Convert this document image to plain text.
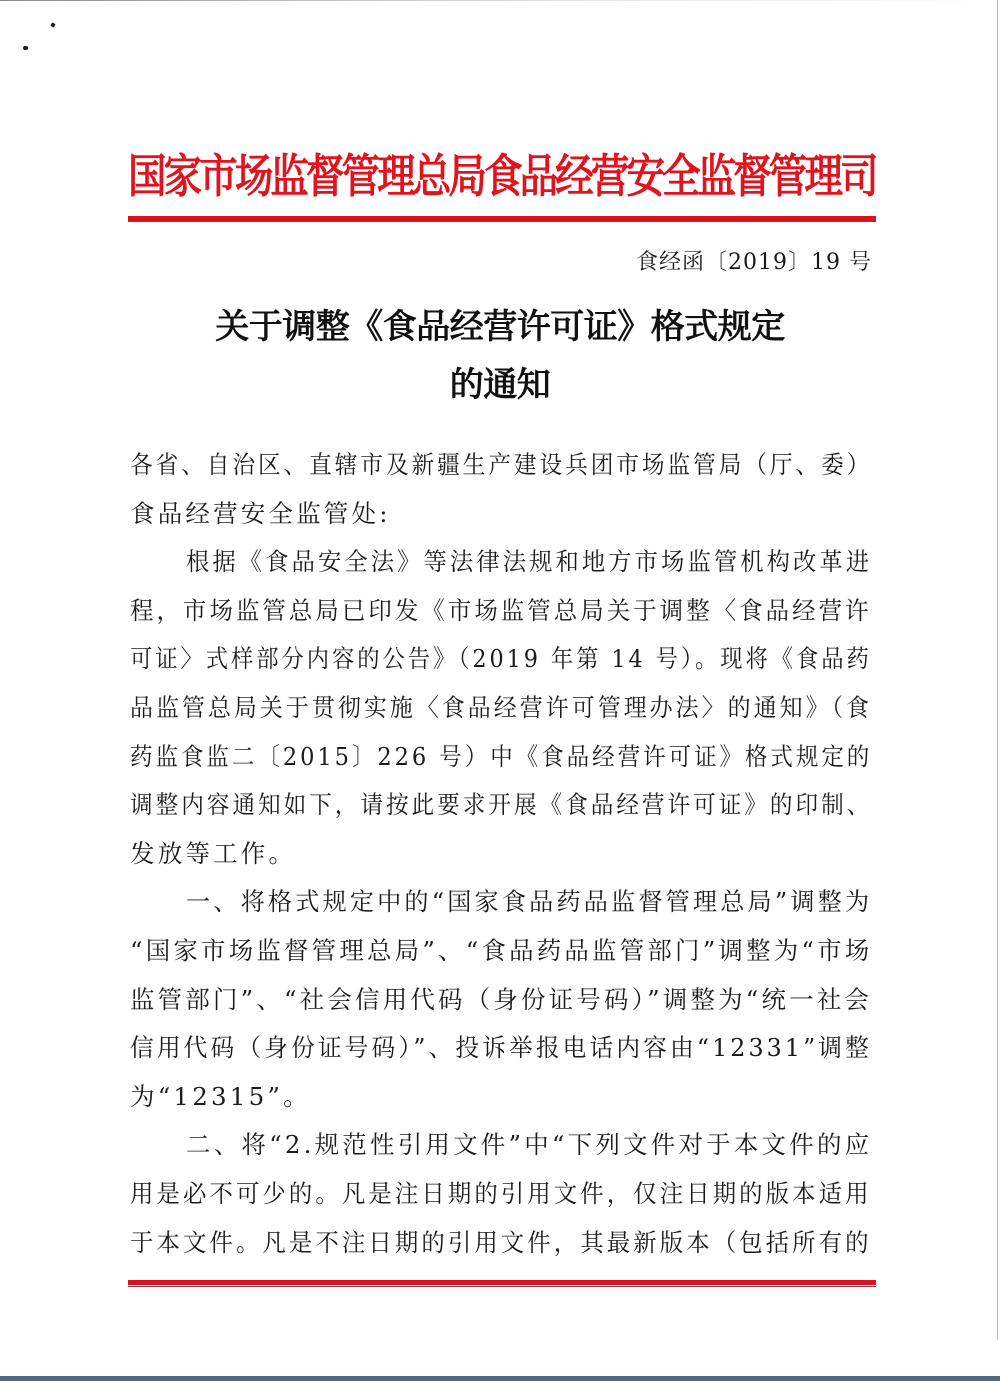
国家市场监督管理总局食品经营安全监督管理司
食经函〔2019〕19 号
关于调整《食品经营许可证》格式规定
的通知
各省、自治区、直辖市及新疆生产建设兵团市场监管局（厅、委）
食品经营安全监管处:
根据《食品安全法》等法律法规和地方市场监管机构改革进
程，市场监管总局已印发《市场监管总局关于调整〈食品经营许
可证〉式样部分内容的公告》（2019 年第 14 号）。现将《食品药
品监管总局关于贯彻实施〈食品经营许可管理办法〉的通知》（食
药监食监二〔2015〕226 号）中《食品经营许可证》格式规定的
调整内容通知如下，请按此要求开展《食品经营许可证》的印制、
发放等工作。
一、将格式规定中的“国家食品药品监督管理总局”调整为
“国家市场监督管理总局”、“食品药品监管部门”调整为“市场
监管部门”、“社会信用代码（身份证号码）”调整为“统一社会
信用代码（身份证号码）”、投诉举报电话内容由“12331”调整
为“12315”。
二、将“2.规范性引用文件”中“下列文件对于本文件的应
用是必不可少的。凡是注日期的引用文件，仅注日期的版本适用
于本文件。凡是不注日期的引用文件，其最新版本（包括所有的
